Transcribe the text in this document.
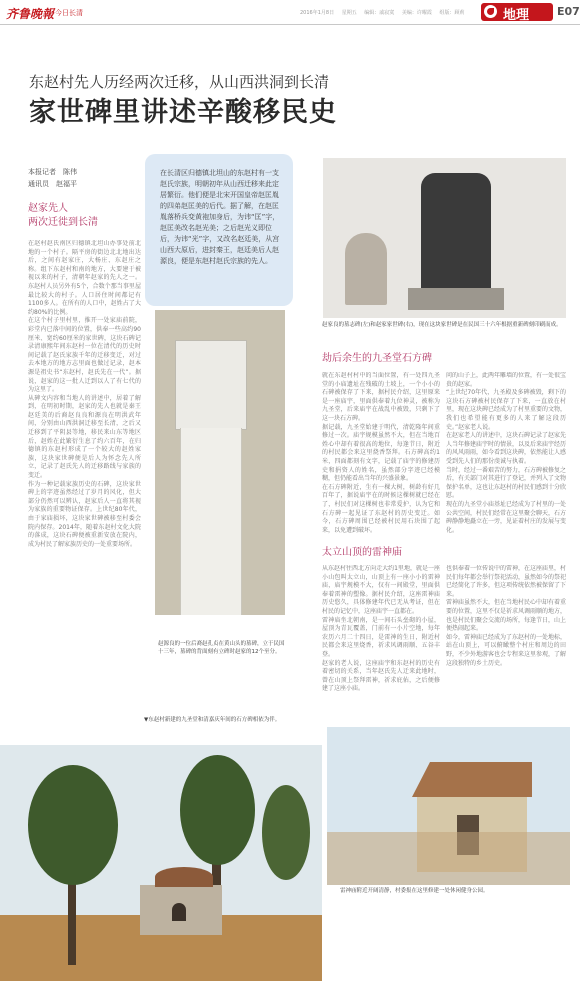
齐鲁晚報 今日长清	2016年1月8日 星期五 编辑：戚寂寞 美编：许曜霞 组版：顾莉	地理	E07
东赵村先人历经两次迁移，从山西洪洞到长清
家世碑里讲述辛酸移民史
本报记者　陈伟
通讯员　赵福平
赵家先人
两次迁徙到长清
在赵村赵氏南区归德镇北坦山办事处前北地的一个村子。隔平房的街边北北地出达后，之间有赵家庄，大杨庄、东赵庄之称。组下东赵村和南的地方，大要建于被视以来的村子，清朝年赵家的先人之一。东赵村人员另外有5个，合数个那当事里屋最比较大的村子。人口居住时间都记有1100多人。在所有的人口中，赵姓占了大约80%的比例。
在这个村子里村里，推开一处家庙前院，彩堂内已落中间的位置，供奉一些高约90厘米、宽约60厘米的家世碑，这块石碑记录清康熙年间东赵村一位在清代的历史时间记载了赵氏家族千年的迁移变迁，对过去本地方的地方志里面也做过记录，赵本源是祖史书“东赵村，赵氏先在一代”。据说，赵家的这一批人迁到以人了有七代的为这里了。
从碑文内容和当地人的讲述中，居着了解到，在明初时期，赵家的先人也就是秦王赵廷美的后裔赵良良和源良在明洪武年间，分别由山西洪洞迁移至长清，之后又迁移到了平阴县等地，移民来山东等地区后，赵姓在此繁衍生息了约六百年，在归德镇的东赵村形成了一个较大的赵姓家族，这块家世碑便是后人为怀念先人所立，记录了赵氏先人的迁移路线与家族的变迁。
作为一种记载家族历史的石碑，这块家世碑上的字迹虽然经过了岁月的风化，但大部分仍然可以辨认，赵家后人一直将其视为家族的重要物证保存。上世纪80年代，由于家庙损坏，这块家世碑被移至村委会院内保存。2014年，随着东赵村文化大院的落成，这块石碑便被重新安放在院内，成为村民了解家族历史的一处重要场所。
在长清区归德镇北坦山的东赵村有一支赵氏宗族，明朝初年从山西迁移来此定居繁衍。他们便是北宋开国皇帝赵匡胤的四弟赵匡美的后代。据了解，在赵匡胤落桥兵变黄袍加身后，为讳“匡”字，赵匡美改名赵光美；之后赵光义即位后，为讳“光”字，又改名赵廷美，从宫山西大原后，进封秦王，赵廷美后人赵源良，便是东赵村赵氏宗族的先人。
赵源良的一位后裔赵孔贞在黄山头的墓碑，立于民国十三年，墓碑的背面刻有立碑时赵家的12个至分。
赵家良的墓志碑(左)和赵家家世碑(右)，现在这块家世碑是在民国三十六年根据重新碑刻印刷而成。
劫后余生的九圣堂石方碑
就在东赵村村中的当面位置，有一处四九圣堂的小庙遗址在残破的土坡上，一个小小的石碑被保存了下来，据村民介绍，这里原来是一座庙宇，里面供奉着九位神灵，被称为九圣堂，后来庙宇在战乱中被毁，只剩下了这一块石方碑。
据记载，九圣堂始建于明代，清乾隆年间重修过一次。庙宇规模虽然不大，但在当地百姓心中却有着很高的地位，每逢节日，附近的村民都会来这里烧香祭拜。石方碑高约1米，四面都刻有文字，记载了庙宇的修建历史和捐资人的姓名，虽然部分字迹已经模糊，但仍能看出当年的兴盛景象。
在石方碑附近，生有一棵大树，树龄有好几百年了，据说庙宇在的时候这棵树就已经在了，村民们对这棵树也非常爱护，认为它和石方碑一起见证了东赵村的历史变迁。如今，石方碑周围已经被村民用石块围了起来，以免遭到破坏。
问的山子上，此两年雕墙的位置，有一处很宝贵的赵家。
“上世纪70年代，九圣殿及多碑被毁，剩下的这块石方碑被村民保存了下来，一直放在村里，现在这块碑已经成为了村里重要的文物，我们也希望能有更多的人来了解这段历史。”赵家老人说。
在赵家老人的讲述中，这块石碑记录了赵家先人当年修建庙宇时的情景，以及后来庙宇经历的风风雨雨，如今看到这块碑，依然能让人感受到先人们的那份虔诚与执着。
当时，经过一番艰苦的努力，石方碑被修复之后，有关部门对其进行了登记，并列入了文物保护名单，这也让东赵村的村民们感到十分欣慰。
现在的九圣堂小庙基址已经成为了村里的一处公共空间，村民们经常在这里聚会聊天，石方碑静静地矗立在一旁，见证着村庄的发展与变化。
太立山顶的雷神庙
从东赵村往西北方向走大约1里地，就是一座小山包叫太立山，山顶上有一座小小的雷神庙，庙宇规模不大，仅有一间殿堂，里面供奉着雷神的塑像。据村民介绍，这座雷神庙历史悠久，具体修建年代已无从考证，但在村民的记忆中，这座庙宇一直都在。
雷神庙坐北朝南，是一间石头垒砌的小屋，屋顶为青瓦覆盖，门前有一小片空地，每年农历六月二十四日，是雷神的生日，附近村民都会来这里烧香，祈求风调雨顺、五谷丰登。
赵家的老人说，这座庙宇和东赵村的历史有着密切的关系，当年赵氏先人迁来此地时，曾在山顶上祭拜雷神，祈求庇佑，之后便修建了这座小庙。
也供奉着一位传说中的雷神，在这座庙里，村民们每年都会举行祭祀活动，虽然如今的祭祀已经简化了许多，但这项传统依然被保留了下来。
雷神庙虽然不大，但在当地村民心中却有着重要的位置，这里不仅是祈求风调雨顺的地方，也是村民们聚会交流的场所，每逢节日，山上便热闹起来。
如今，雷神庙已经成为了东赵村的一处地标，站在山顶上，可以俯瞰整个村庄和周边的田野，不少外地游客也会专程来这里参观，了解这段独特的乡土历史。
雷神庙附近开阔清静，村委报在这里修建一处休闲健身公园。
▼东赵村新建的九圣堂和清嘉庆年间的石方碑相依为伴。
